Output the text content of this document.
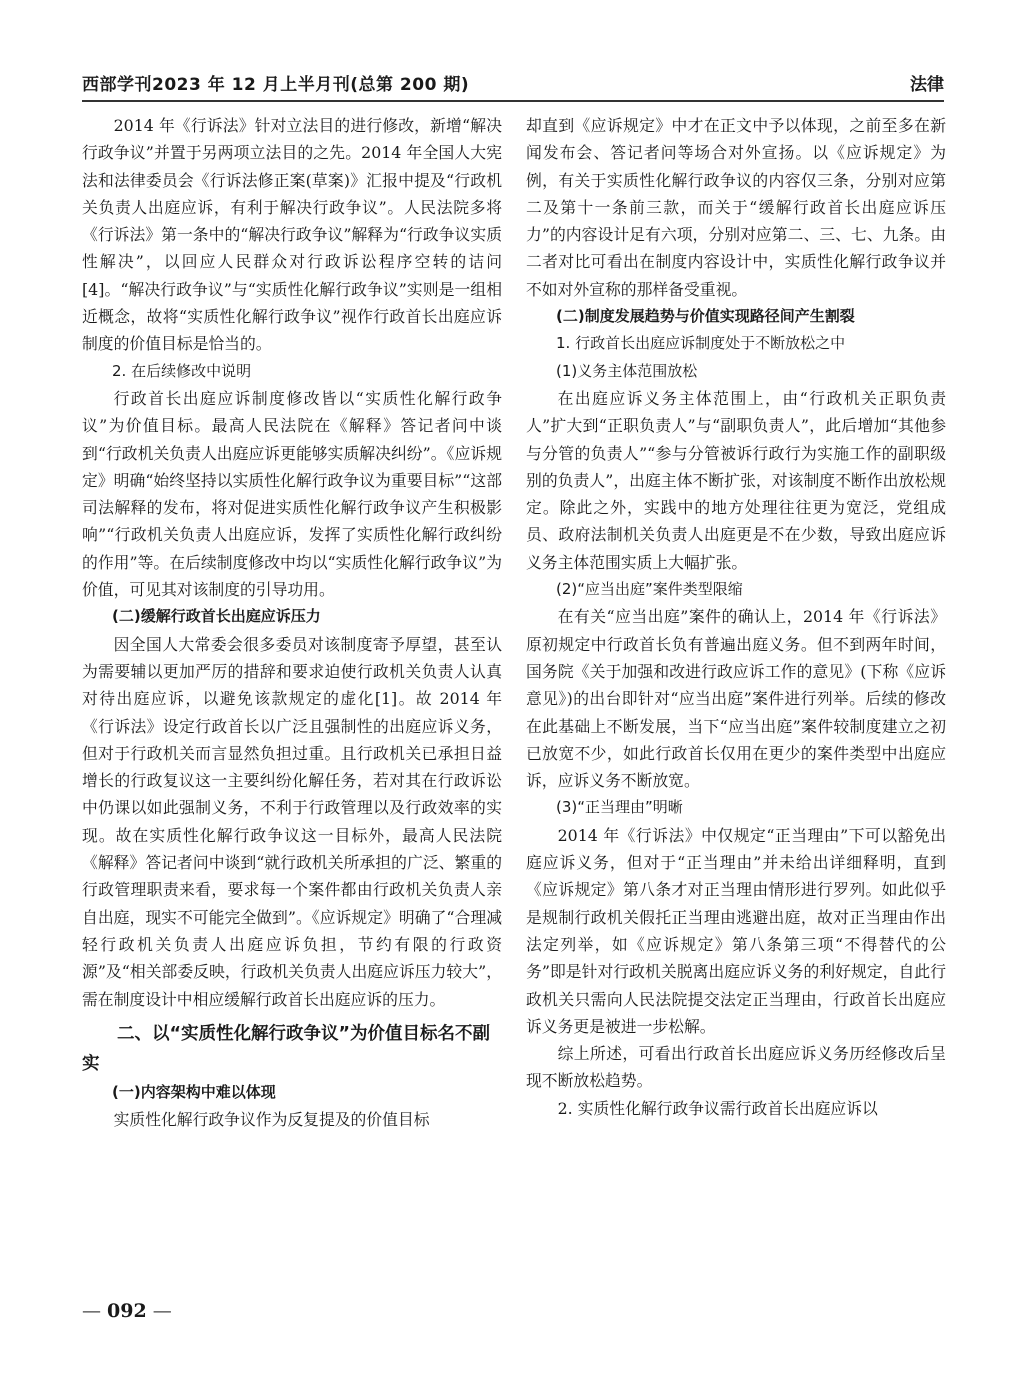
西部学刊2023 年 12 月上半月刊(总第 200 期)	法律

2014 年《行诉法》针对立法目的进行修改，新增“解决行政争议”并置于另两项立法目的之先。2014 年全国人大宪法和法律委员会《行诉法修正案(草案)》汇报中提及“行政机关负责人出庭应诉，有利于解决行政争议”。人民法院多将《行诉法》第一条中的“解决行政争议”解释为“行政争议实质性解决”，以回应人民群众对行政诉讼程序空转的诘问[4]。“解决行政争议”与“实质性化解行政争议”实则是一组相近概念，故将“实质性化解行政争议”视作行政首长出庭应诉制度的价值目标是恰当的。

2. 在后续修改中说明

行政首长出庭应诉制度修改皆以“实质性化解行政争议”为价值目标。最高人民法院在《解释》答记者问中谈到“行政机关负责人出庭应诉更能够实质解决纠纷”。《应诉规定》明确“始终坚持以实质性化解行政争议为重要目标”“这部司法解释的发布，将对促进实质性化解行政争议产生积极影响”“行政机关负责人出庭应诉，发挥了实质性化解行政纠纷的作用”等。在后续制度修改中均以“实质性化解行政争议”为价值，可见其对该制度的引导功用。

(二)缓解行政首长出庭应诉压力

因全国人大常委会很多委员对该制度寄予厚望，甚至认为需要辅以更加严厉的措辞和要求迫使行政机关负责人认真对待出庭应诉，以避免该款规定的虚化[1]。故 2014 年《行诉法》设定行政首长以广泛且强制性的出庭应诉义务，但对于行政机关而言显然负担过重。且行政机关已承担日益增长的行政复议这一主要纠纷化解任务，若对其在行政诉讼中仍课以如此强制义务，不利于行政管理以及行政效率的实现。故在实质性化解行政争议这一目标外，最高人民法院《解释》答记者问中谈到“就行政机关所承担的广泛、繁重的行政管理职责来看，要求每一个案件都由行政机关负责人亲自出庭，现实不可能完全做到”。《应诉规定》明确了“合理减轻行政机关负责人出庭应诉负担，节约有限的行政资源”及“相关部委反映，行政机关负责人出庭应诉压力较大”，需在制度设计中相应缓解行政首长出庭应诉的压力。

二、以“实质性化解行政争议”为价值目标名不副实

(一)内容架构中难以体现

实质性化解行政争议作为反复提及的价值目标

却直到《应诉规定》中才在正文中予以体现，之前至多在新闻发布会、答记者问等场合对外宣扬。以《应诉规定》为例，有关于实质性化解行政争议的内容仅三条，分别对应第二及第十一条前三款，而关于“缓解行政首长出庭应诉压力”的内容设计足有六项，分别对应第二、三、七、九条。由二者对比可看出在制度内容设计中，实质性化解行政争议并不如对外宣称的那样备受重视。

(二)制度发展趋势与价值实现路径间产生割裂

1. 行政首长出庭应诉制度处于不断放松之中

(1)义务主体范围放松

在出庭应诉义务主体范围上，由“行政机关正职负责人”扩大到“正职负责人”与“副职负责人”，此后增加“其他参与分管的负责人”“参与分管被诉行政行为实施工作的副职级别的负责人”，出庭主体不断扩张，对该制度不断作出放松规定。除此之外，实践中的地方处理往往更为宽泛，党组成员、政府法制机关负责人出庭更是不在少数，导致出庭应诉义务主体范围实质上大幅扩张。

(2)“应当出庭”案件类型限缩

在有关“应当出庭”案件的确认上，2014 年《行诉法》原初规定中行政首长负有普遍出庭义务。但不到两年时间，国务院《关于加强和改进行政应诉工作的意见》(下称《应诉意见》)的出台即针对“应当出庭”案件进行列举。后续的修改在此基础上不断发展，当下“应当出庭”案件较制度建立之初已放宽不少，如此行政首长仅用在更少的案件类型中出庭应诉，应诉义务不断放宽。

(3)“正当理由”明晰

2014 年《行诉法》中仅规定“正当理由”下可以豁免出庭应诉义务，但对于“正当理由”并未给出详细释明，直到《应诉规定》第八条才对正当理由情形进行罗列。如此似乎是规制行政机关假托正当理由逃避出庭，故对正当理由作出法定列举，如《应诉规定》第八条第三项“不得替代的公务”即是针对行政机关脱离出庭应诉义务的利好规定，自此行政机关只需向人民法院提交法定正当理由，行政首长出庭应诉义务更是被进一步松解。

综上所述，可看出行政首长出庭应诉义务历经修改后呈现不断放松趋势。

2. 实质性化解行政争议需行政首长出庭应诉以

— 092 —
